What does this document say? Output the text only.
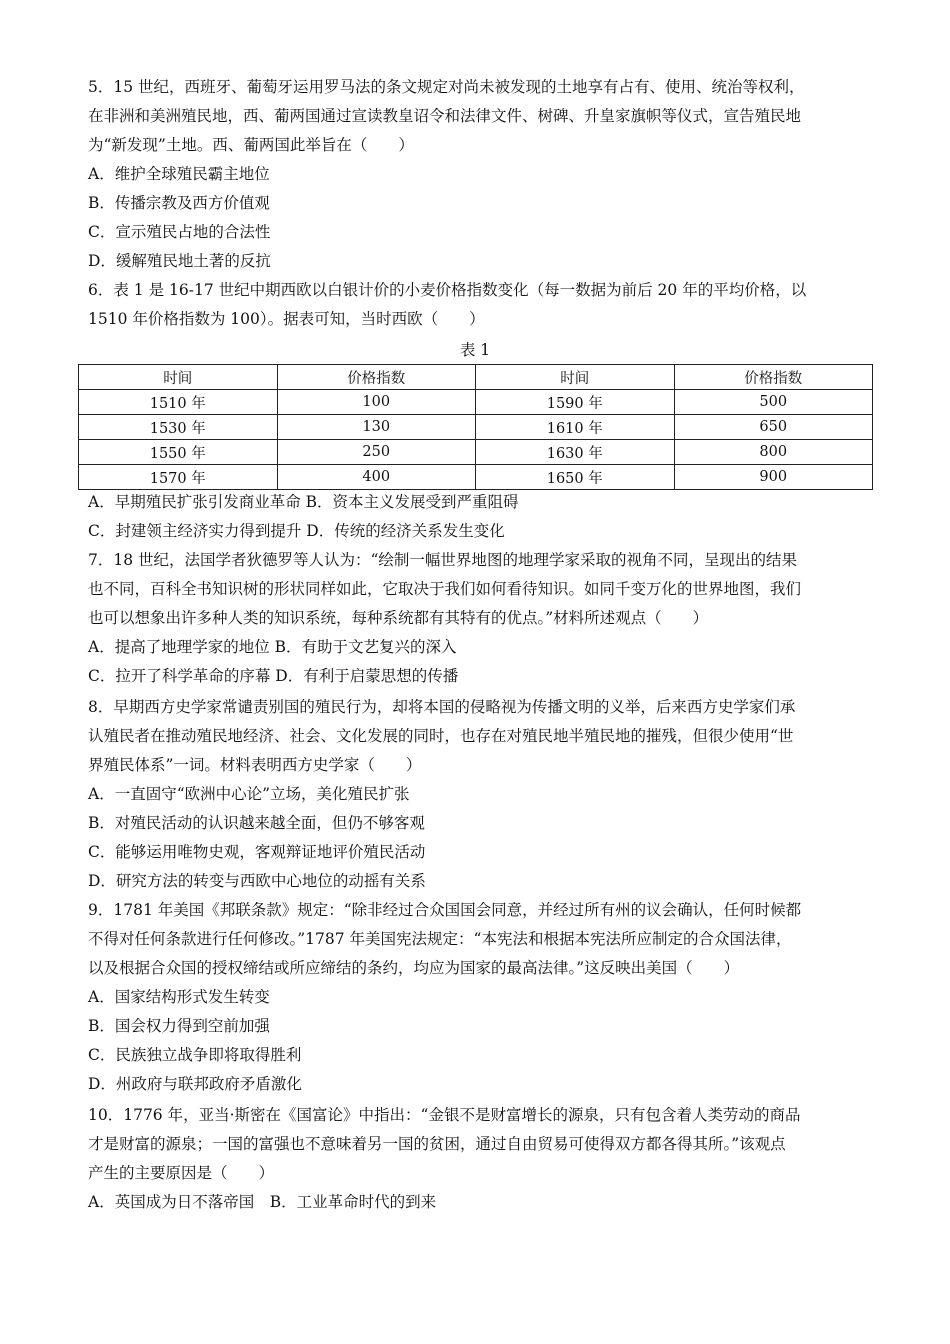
5．15 世纪，西班牙、葡萄牙运用罗马法的条文规定对尚未被发现的土地享有占有、使用、统治等权利，
在非洲和美洲殖民地，西、葡两国通过宣读教皇诏令和法律文件、树碑、升皇家旗帜等仪式，宣告殖民地
为“新发现”土地。西、葡两国此举旨在（　　）
A．维护全球殖民霸主地位
B．传播宗教及西方价值观
C．宣示殖民占地的合法性
D．缓解殖民地土著的反抗
6．表 1 是 16-17 世纪中期西欧以白银计价的小麦价格指数变化（每一数据为前后 20 年的平均价格，以
1510 年价格指数为 100）。据表可知，当时西欧（　　）
表 1
时间	价格指数	时间	价格指数
1510 年	100	1590 年	500
1530 年	130	1610 年	650
1550 年	250	1630 年	800
1570 年	400	1650 年	900
A．早期殖民扩张引发商业革命 B．资本主义发展受到严重阻碍
C．封建领主经济实力得到提升 D．传统的经济关系发生变化
7．18 世纪，法国学者狄德罗等人认为：“绘制一幅世界地图的地理学家采取的视角不同，呈现出的结果
也不同，百科全书知识树的形状同样如此，它取决于我们如何看待知识。如同千变万化的世界地图，我们
也可以想象出许多种人类的知识系统，每种系统都有其特有的优点。”材料所述观点（　　）
A．提高了地理学家的地位 B．有助于文艺复兴的深入
C．拉开了科学革命的序幕 D．有利于启蒙思想的传播
8．早期西方史学家常谴责别国的殖民行为，却将本国的侵略视为传播文明的义举，后来西方史学家们承
认殖民者在推动殖民地经济、社会、文化发展的同时，也存在对殖民地半殖民地的摧残，但很少使用“世
界殖民体系”一词。材料表明西方史学家（　　）
A．一直固守“欧洲中心论”立场，美化殖民扩张
B．对殖民活动的认识越来越全面，但仍不够客观
C．能够运用唯物史观，客观辩证地评价殖民活动
D．研究方法的转变与西欧中心地位的动摇有关系
9．1781 年美国《邦联条款》规定：“除非经过合众国国会同意，并经过所有州的议会确认，任何时候都
不得对任何条款进行任何修改。”1787 年美国宪法规定：“本宪法和根据本宪法所应制定的合众国法律，
以及根据合众国的授权缔结或所应缔结的条约，均应为国家的最高法律。”这反映出美国（　　）
A．国家结构形式发生转变
B．国会权力得到空前加强
C．民族独立战争即将取得胜利
D．州政府与联邦政府矛盾激化
10．1776 年，亚当·斯密在《国富论》中指出：“金银不是财富增长的源泉，只有包含着人类劳动的商品
才是财富的源泉；一国的富强也不意味着另一国的贫困，通过自由贸易可使得双方都各得其所。”该观点
产生的主要原因是（　　）
A．英国成为日不落帝国　B．工业革命时代的到来
